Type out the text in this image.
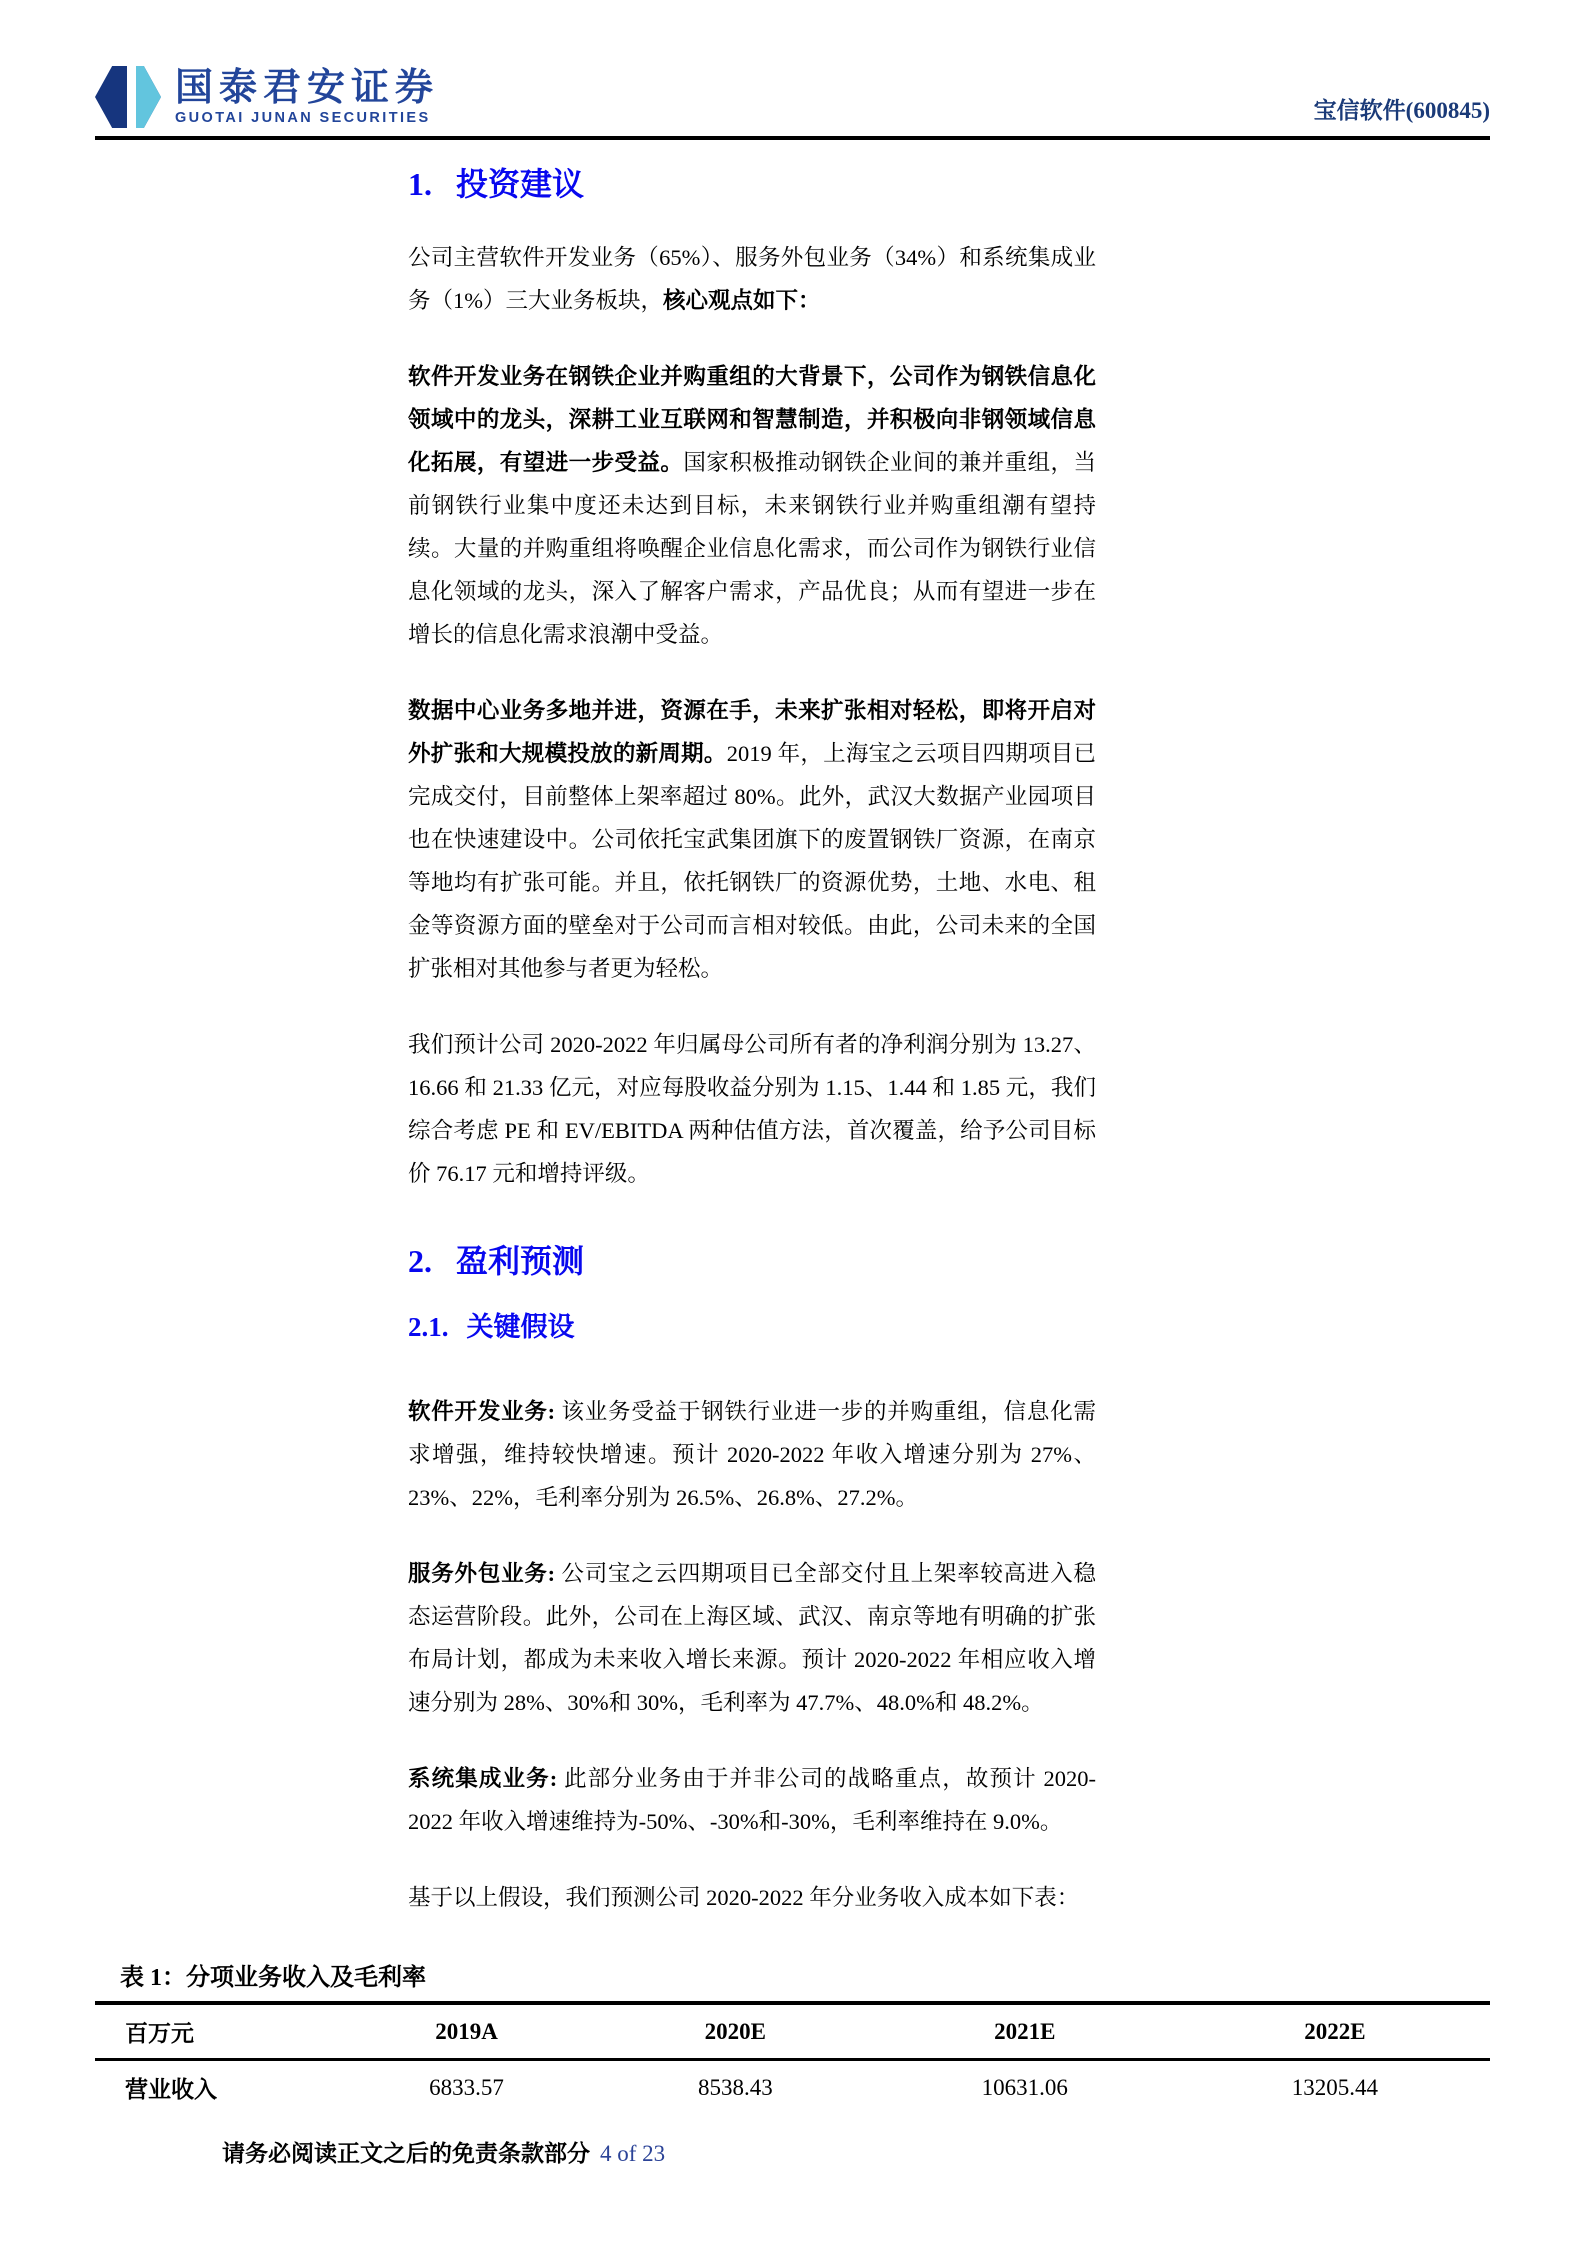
国泰君安证券
GUOTAI JUNAN SECURITIES	宝信软件(600845)
1. 投资建议

公司主营软件开发业务（65%）、服务外包业务（34%）和系统集成业务（1%）三大业务板块，核心观点如下：

软件开发业务在钢铁企业并购重组的大背景下，公司作为钢铁信息化领域中的龙头，深耕工业互联网和智慧制造，并积极向非钢领域信息化拓展，有望进一步受益。国家积极推动钢铁企业间的兼并重组，当前钢铁行业集中度还未达到目标，未来钢铁行业并购重组潮有望持续。大量的并购重组将唤醒企业信息化需求，而公司作为钢铁行业信息化领域的龙头，深入了解客户需求，产品优良；从而有望进一步在增长的信息化需求浪潮中受益。

数据中心业务多地并进，资源在手，未来扩张相对轻松，即将开启对外扩张和大规模投放的新周期。2019 年，上海宝之云项目四期项目已完成交付，目前整体上架率超过 80%。此外，武汉大数据产业园项目也在快速建设中。公司依托宝武集团旗下的废置钢铁厂资源，在南京等地均有扩张可能。并且，依托钢铁厂的资源优势，土地、水电、租金等资源方面的壁垒对于公司而言相对较低。由此，公司未来的全国扩张相对其他参与者更为轻松。

我们预计公司 2020-2022 年归属母公司所有者的净利润分别为 13.27、16.66 和 21.33 亿元，对应每股收益分别为 1.15、1.44 和 1.85 元，我们综合考虑 PE 和 EV/EBITDA 两种估值方法，首次覆盖，给予公司目标价 76.17 元和增持评级。

2. 盈利预测
2.1. 关键假设

软件开发业务: 该业务受益于钢铁行业进一步的并购重组，信息化需求增强，维持较快增速。预计 2020-2022 年收入增速分别为 27%、23%、22%，毛利率分别为 26.5%、26.8%、27.2%。

服务外包业务: 公司宝之云四期项目已全部交付且上架率较高进入稳态运营阶段。此外，公司在上海区域、武汉、南京等地有明确的扩张布局计划，都成为未来收入增长来源。预计 2020-2022 年相应收入增速分别为 28%、30%和 30%，毛利率为 47.7%、48.0%和 48.2%。

系统集成业务: 此部分业务由于并非公司的战略重点，故预计 2020-2022 年收入增速维持为-50%、-30%和-30%，毛利率维持在 9.0%。

基于以上假设，我们预测公司 2020-2022 年分业务收入成本如下表：

表 1：分项业务收入及毛利率
百万元	2019A	2020E	2021E	2022E
营业收入	6833.57	8538.43	10631.06	13205.44
请务必阅读正文之后的免责条款部分 4 of 23
